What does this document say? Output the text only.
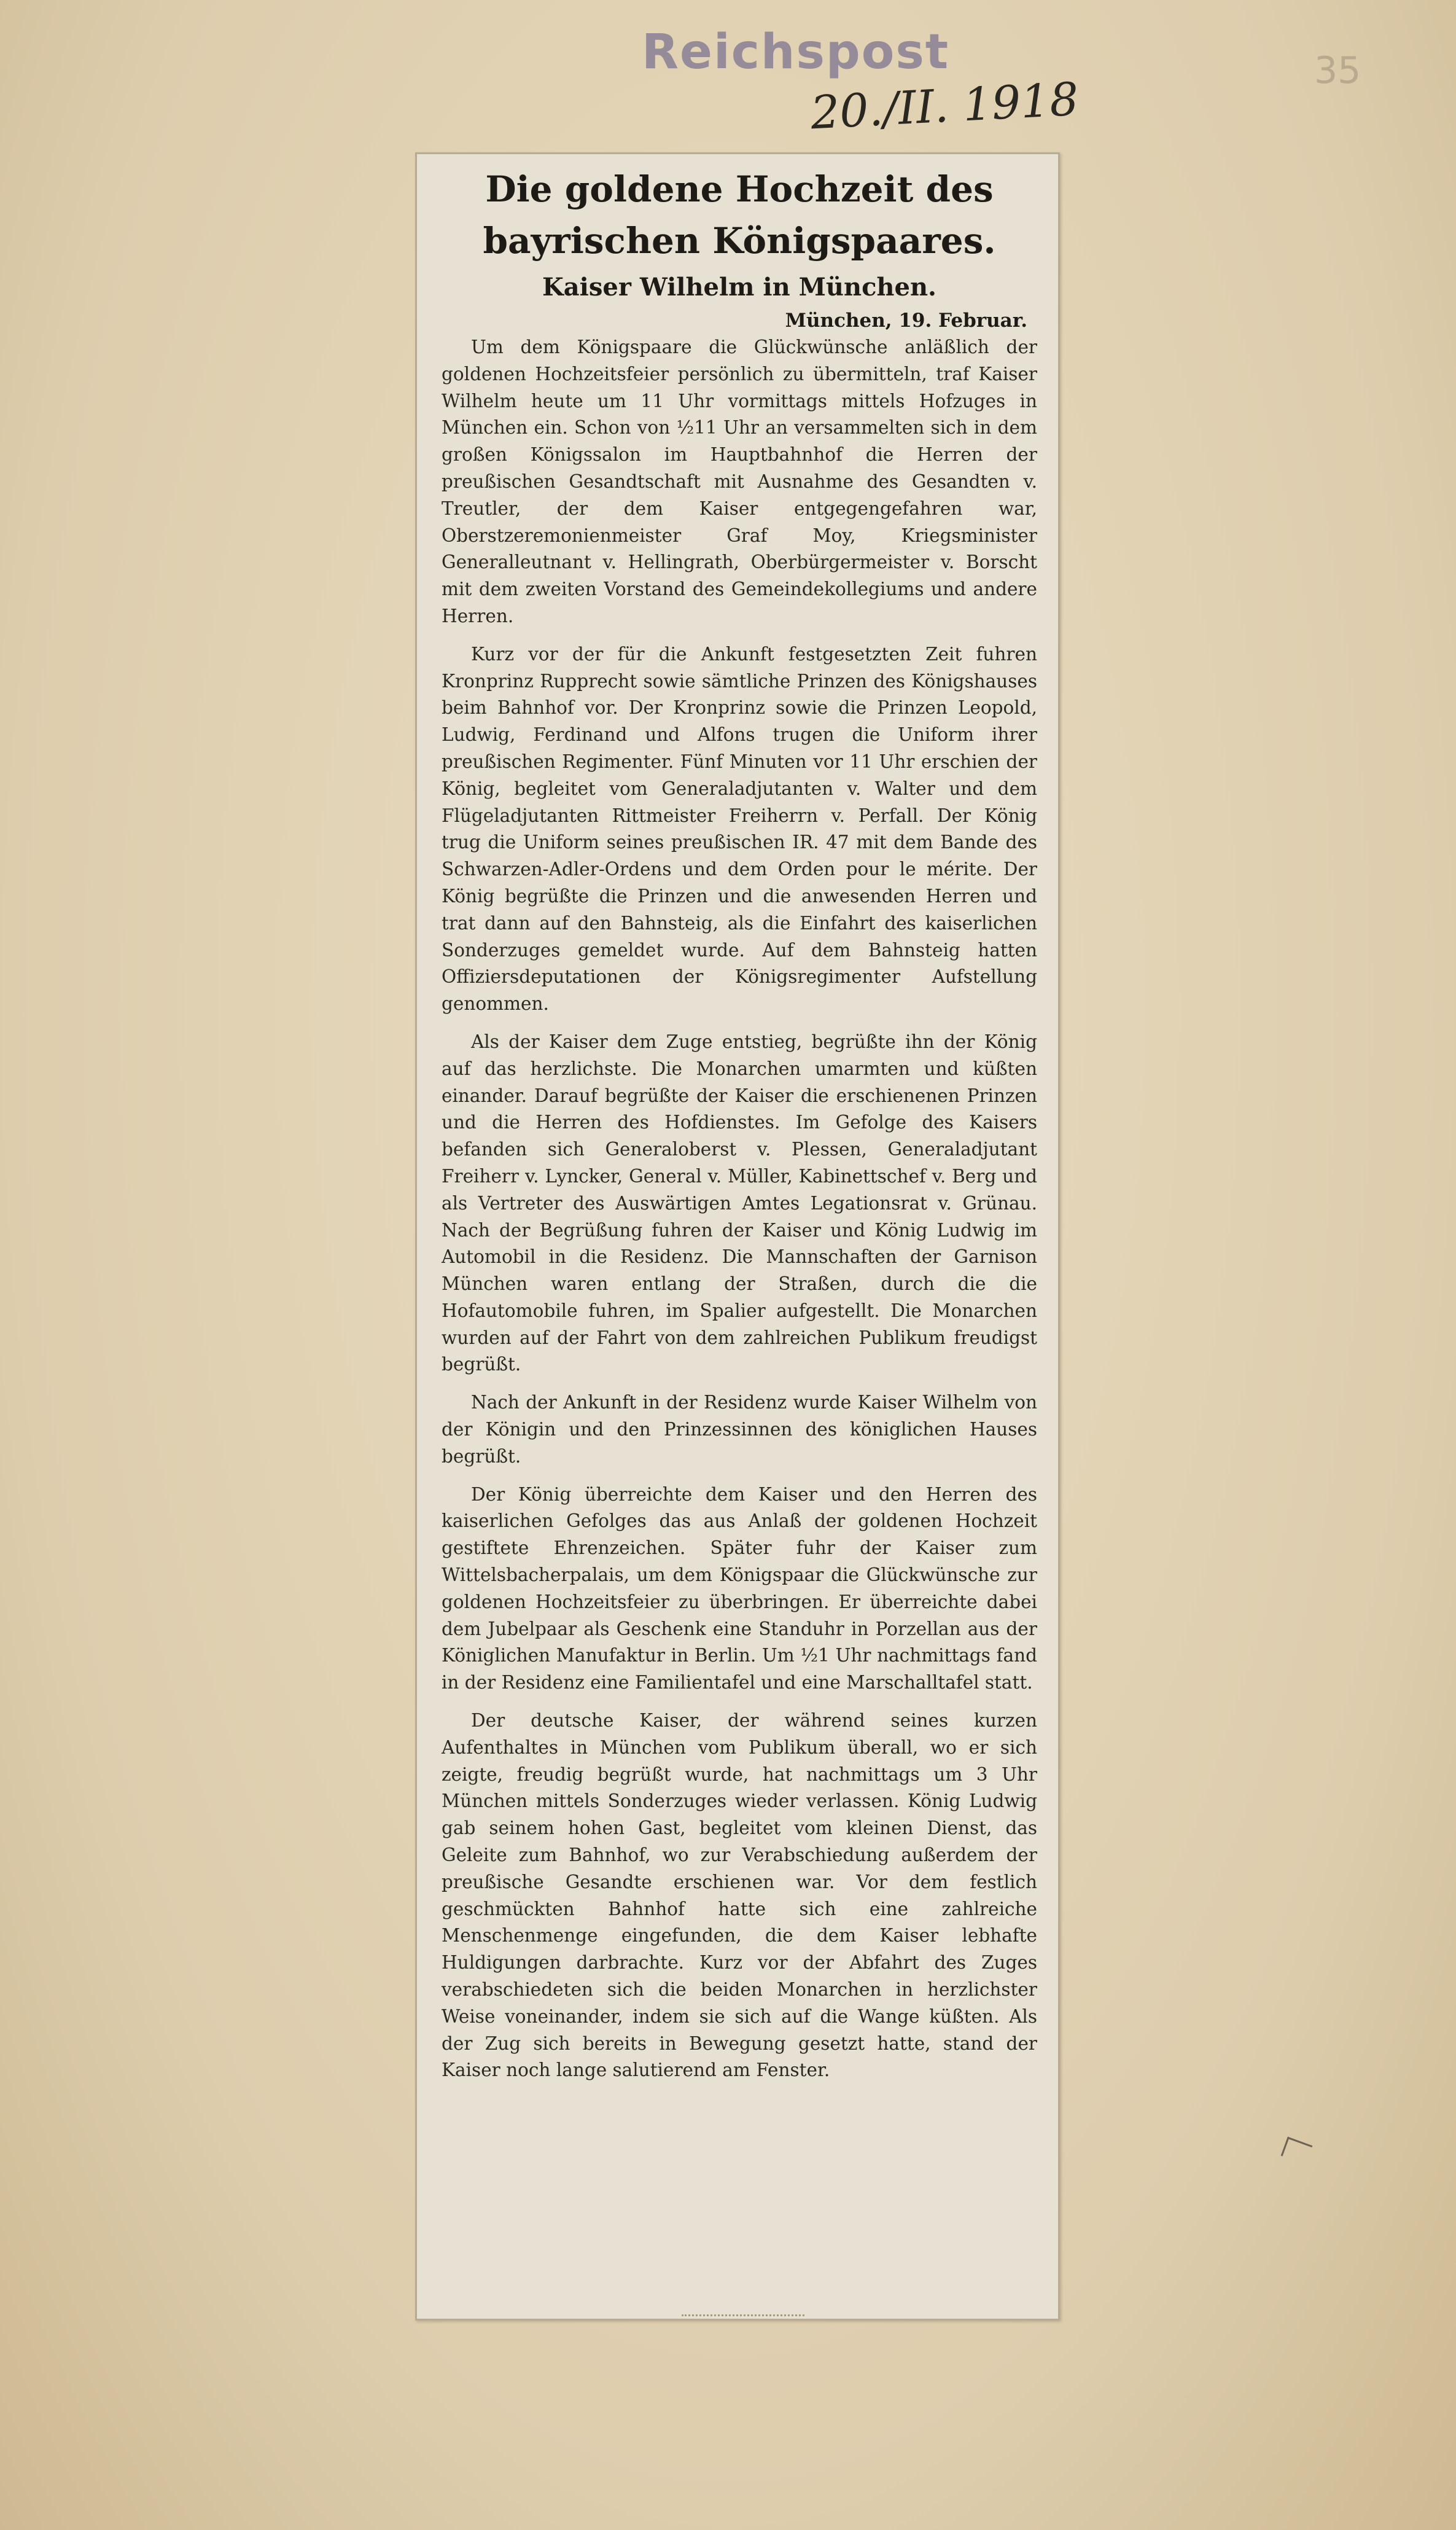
Reichspost
20./II. 1918
35

Die goldene Hochzeit des

bayrischen Königspaares.

Kaiser Wilhelm in München.

München, 19. Februar.

Um dem Königspaare die Glückwünsche anläßlich der goldenen Hochzeitsfeier persönlich zu übermitteln, traf Kaiser Wilhelm heute um 11 Uhr vormittags mittels Hofzuges in München ein. Schon von ½11 Uhr an versammelten sich in dem großen Königssalon im Hauptbahnhof die Herren der preußischen Gesandtschaft mit Ausnahme des Gesandten v. Treutler, der dem Kaiser entgegengefahren war, Oberstzeremonienmeister Graf Moy, Kriegsminister Generalleutnant v. Hellingrath, Oberbürgermeister v. Borscht mit dem zweiten Vorstand des Gemeindekollegiums und andere Herren.

Kurz vor der für die Ankunft festgesetzten Zeit fuhren Kronprinz Rupprecht sowie sämtliche Prinzen des Königshauses beim Bahnhof vor. Der Kronprinz sowie die Prinzen Leopold, Ludwig, Ferdinand und Alfons trugen die Uniform ihrer preußischen Regimenter. Fünf Minuten vor 11 Uhr erschien der König, begleitet vom Generaladjutanten v. Walter und dem Flügeladjutanten Rittmeister Freiherrn v. Perfall. Der König trug die Uniform seines preußischen IR. 47 mit dem Bande des Schwarzen-Adler-Ordens und dem Orden pour le mérite. Der König begrüßte die Prinzen und die anwesenden Herren und trat dann auf den Bahnsteig, als die Einfahrt des kaiserlichen Sonderzuges gemeldet wurde. Auf dem Bahnsteig hatten Offiziersdeputationen der Königsregimenter Aufstellung genommen.

Als der Kaiser dem Zuge entstieg, begrüßte ihn der König auf das herzlichste. Die Monarchen umarmten und küßten einander. Darauf begrüßte der Kaiser die erschienenen Prinzen und die Herren des Hofdienstes. Im Gefolge des Kaisers befanden sich Generaloberst v. Plessen, Generaladjutant Freiherr v. Lyncker, General v. Müller, Kabinettschef v. Berg und als Vertreter des Auswärtigen Amtes Legationsrat v. Grünau. Nach der Begrüßung fuhren der Kaiser und König Ludwig im Automobil in die Residenz. Die Mannschaften der Garnison München waren entlang der Straßen, durch die die Hofautomobile fuhren, im Spalier aufgestellt. Die Monarchen wurden auf der Fahrt von dem zahlreichen Publikum freudigst begrüßt.

Nach der Ankunft in der Residenz wurde Kaiser Wilhelm von der Königin und den Prinzessinnen des königlichen Hauses begrüßt.

Der König überreichte dem Kaiser und den Herren des kaiserlichen Gefolges das aus Anlaß der goldenen Hochzeit gestiftete Ehrenzeichen. Später fuhr der Kaiser zum Wittelsbacherpalais, um dem Königspaar die Glückwünsche zur goldenen Hochzeitsfeier zu überbringen. Er überreichte dabei dem Jubelpaar als Geschenk eine Standuhr in Porzellan aus der Königlichen Manufaktur in Berlin. Um ½1 Uhr nachmittags fand in der Residenz eine Familientafel und eine Marschalltafel statt.

Der deutsche Kaiser, der während seines kurzen Aufenthaltes in München vom Publikum überall, wo er sich zeigte, freudig begrüßt wurde, hat nachmittags um 3 Uhr München mittels Sonderzuges wieder verlassen. König Ludwig gab seinem hohen Gast, begleitet vom kleinen Dienst, das Geleite zum Bahnhof, wo zur Verabschiedung außerdem der preußische Gesandte erschienen war. Vor dem festlich geschmückten Bahnhof hatte sich eine zahlreiche Menschenmenge eingefunden, die dem Kaiser lebhafte Huldigungen darbrachte. Kurz vor der Abfahrt des Zuges verabschiedeten sich die beiden Monarchen in herzlichster Weise voneinander, indem sie sich auf die Wange küßten. Als der Zug sich bereits in Bewegung gesetzt hatte, stand der Kaiser noch lange salutierend am Fenster.
